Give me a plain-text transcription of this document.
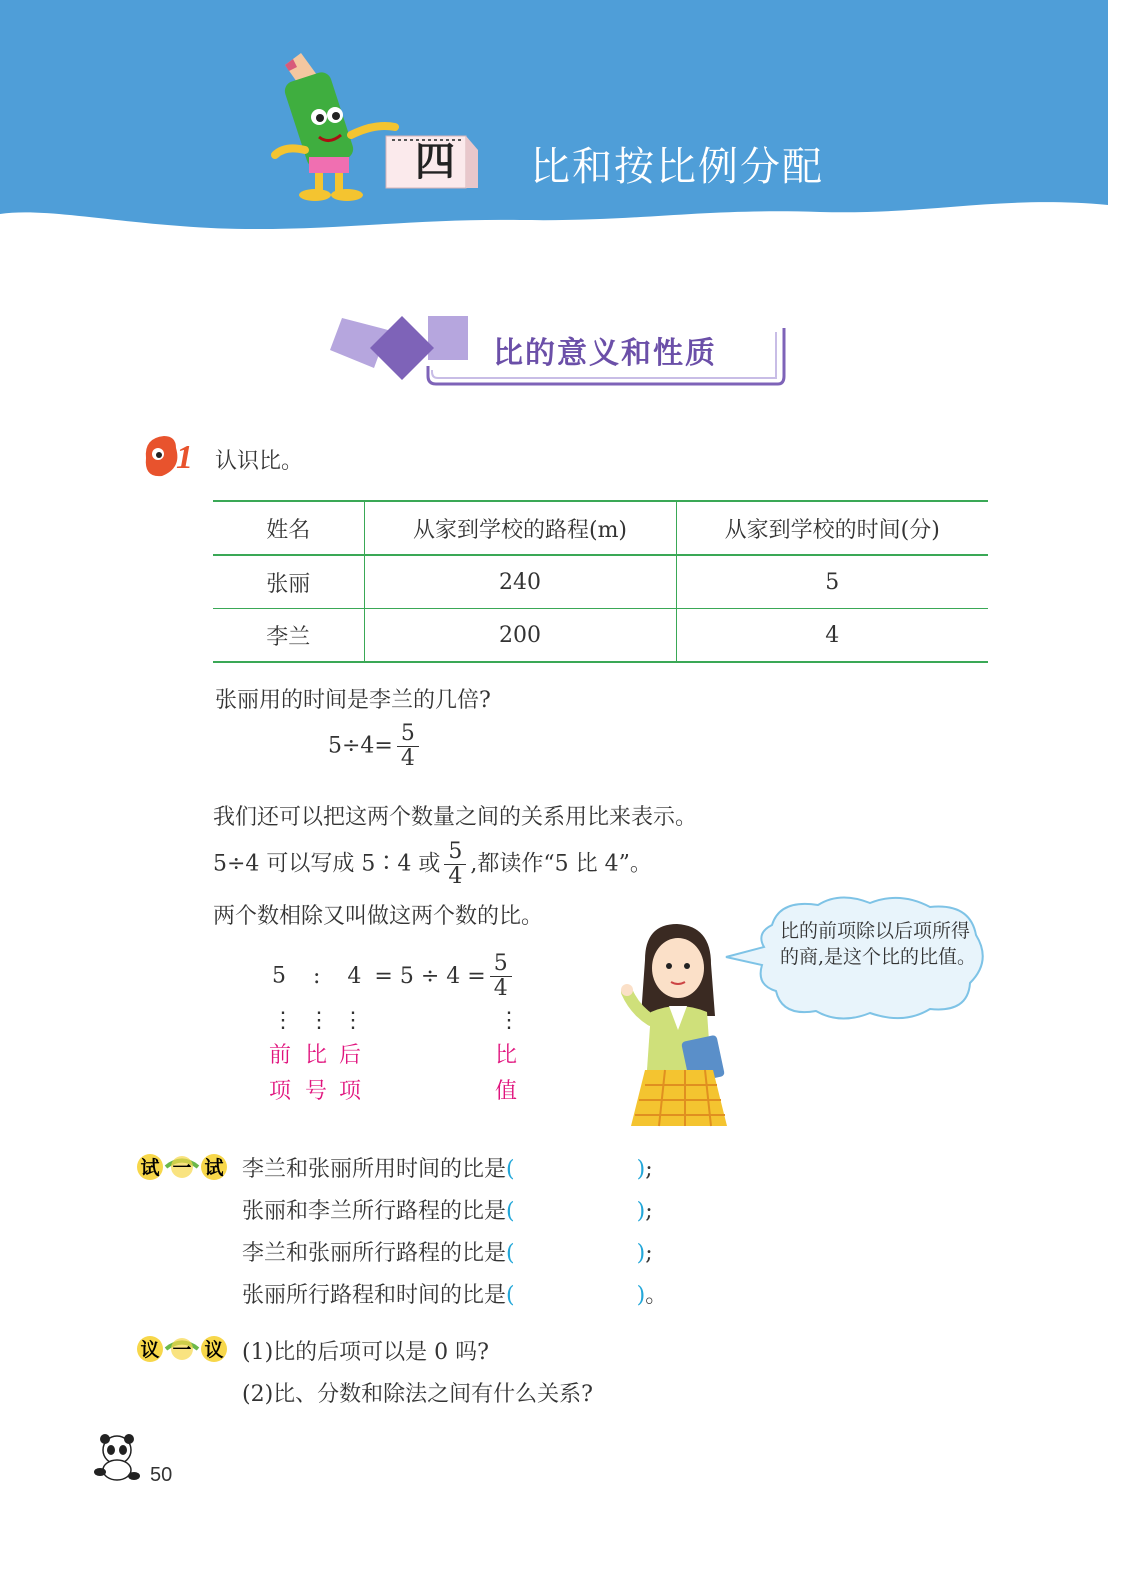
四	比和按比例分配
比的意义和性质
1 认识比。
姓名	从家到学校的路程(m)	从家到学校的时间(分)
张丽	240	5
李兰	200	4
张丽用的时间是李兰的几倍?
$5\div 4= \frac{5}{4}$
我们还可以把这两个数量之间的关系用比来表示。
5÷4 可以写成 5∶4 或 $\frac{5}{4}$ ,都读作“5 比 4”。
两个数相除又叫做这两个数的比。
5 : $4 = 5 \div 4 = \frac{5}{4}$
⋮ ⋮ ⋮	⋮
前
项
比
号
后
项
比
值
比的前项除以后项所得的商,是这个比的比值。
试 一 试 李兰和张丽所用时间的比是(	);
张丽和李兰所行路程的比是(	);
李兰和张丽所行路程的比是(	);
张丽所行路程和时间的比是(	)。
议 一 议 (1)比的后项可以是 0 吗?
(2)比、分数和除法之间有什么关系?
50
